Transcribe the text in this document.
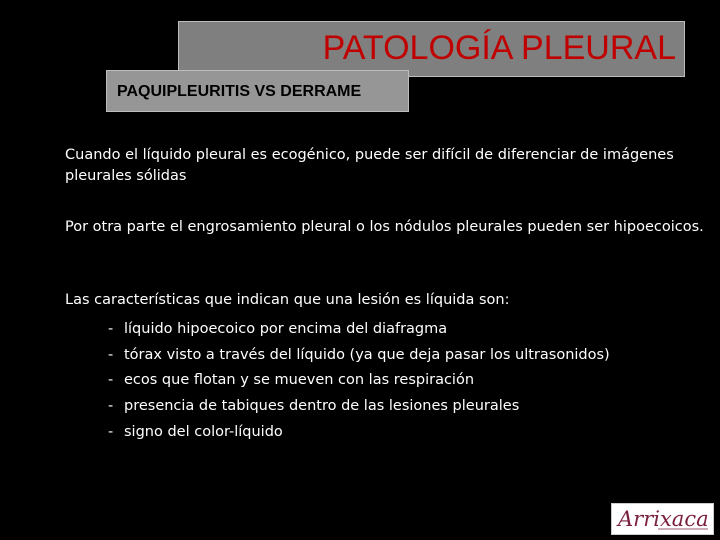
PATOLOGÍA PLEURAL
PAQUIPLEURITIS VS DERRAME
Cuando el líquido pleural es ecogénico, puede ser difícil de diferenciar de imágenes pleurales sólidas
Por otra parte el engrosamiento pleural o los nódulos pleurales pueden ser hipoecoicos.
Las características que indican que una lesión es líquida son:
- líquido hipoecoico por encima del diafragma
- tórax visto a través del líquido (ya que deja pasar los ultrasonidos)
- ecos que flotan y se mueven con las respiración
- presencia de tabiques dentro de las lesiones pleurales
- signo del color-líquido
Arrixaca
